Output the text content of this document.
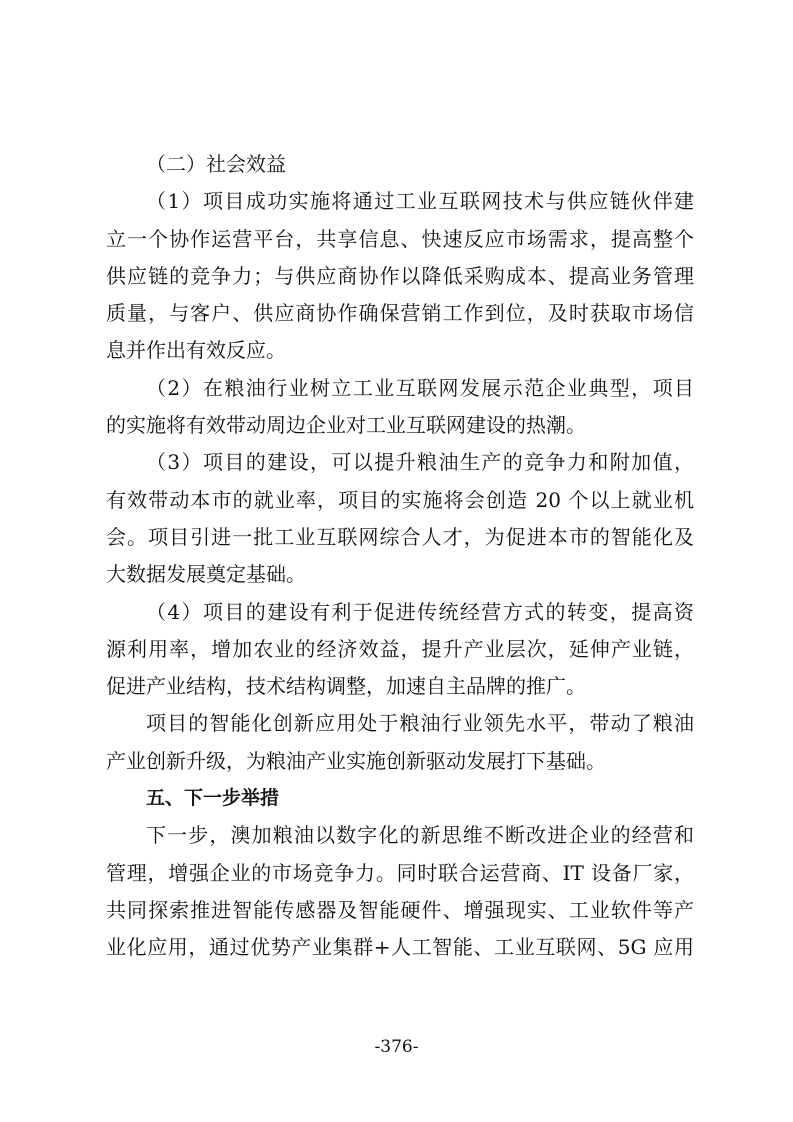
（二）社会效益
（1）项目成功实施将通过工业互联网技术与供应链伙伴建
立一个协作运营平台，共享信息、快速反应市场需求，提高整个
供应链的竞争力；与供应商协作以降低采购成本、提高业务管理
质量，与客户、供应商协作确保营销工作到位，及时获取市场信
息并作出有效反应。
（2）在粮油行业树立工业互联网发展示范企业典型，项目
的实施将有效带动周边企业对工业互联网建设的热潮。
（3）项目的建设，可以提升粮油生产的竞争力和附加值，
有效带动本市的就业率，项目的实施将会创造 20 个以上就业机
会。项目引进一批工业互联网综合人才，为促进本市的智能化及
大数据发展奠定基础。
（4）项目的建设有利于促进传统经营方式的转变，提高资
源利用率，增加农业的经济效益，提升产业层次，延伸产业链，
促进产业结构，技术结构调整，加速自主品牌的推广。
项目的智能化创新应用处于粮油行业领先水平，带动了粮油
产业创新升级，为粮油产业实施创新驱动发展打下基础。
五、下一步举措
下一步，澳加粮油以数字化的新思维不断改进企业的经营和
管理，增强企业的市场竞争力。同时联合运营商、IT 设备厂家，
共同探索推进智能传感器及智能硬件、增强现实、工业软件等产
业化应用，通过优势产业集群+人工智能、工业互联网、5G 应用
-376-
